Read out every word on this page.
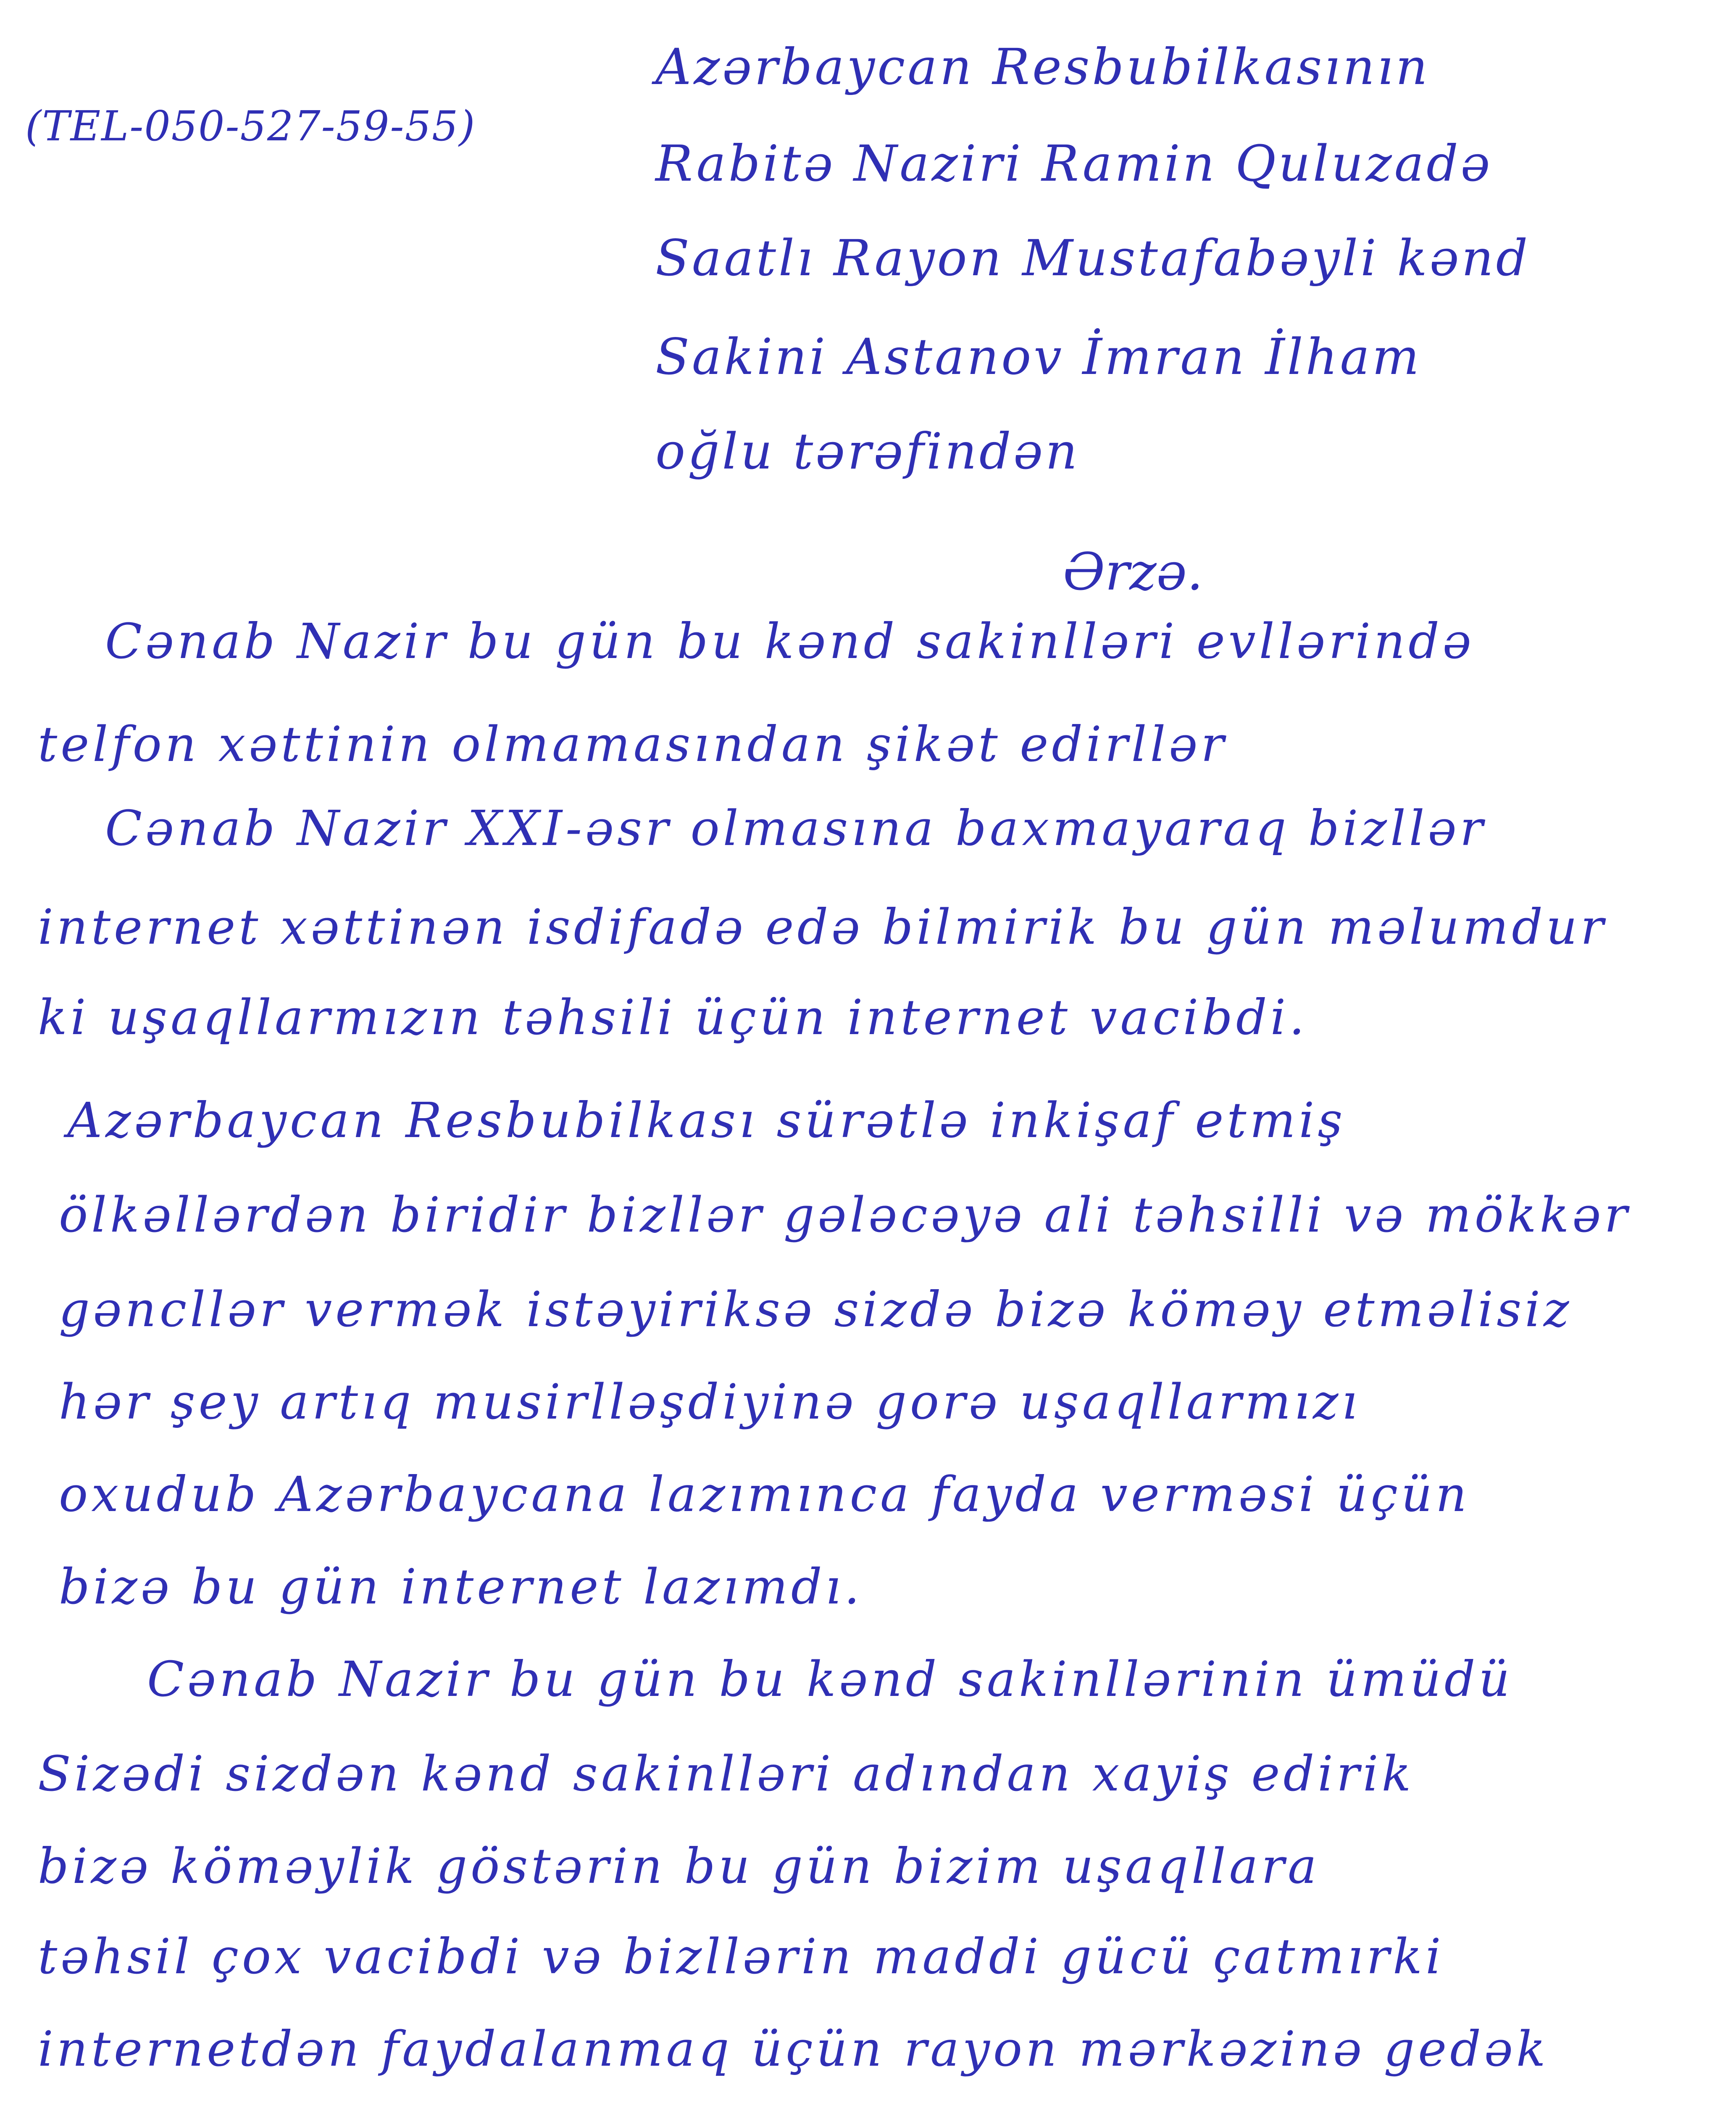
(TEL-050-527-59-55)
Azərbaycan Resbubilkasının
Rabitə Naziri Ramin Quluzadə
Saatlı Rayon Mustafabəyli kənd
Sakini Astanov İmran İlham
oğlu tərəfindən
Ərzə.
Cənab Nazir bu gün bu kənd sakinlləri evllərində
telfon xəttinin olmamasından şikət edirllər
Cənab Nazir XXI-əsr olmasına baxmayaraq bizllər
internet xəttinən isdifadə edə bilmirik bu gün məlumdur
ki uşaqllarmızın təhsili üçün internet vacibdi.
Azərbaycan Resbubilkası sürətlə inkişaf etmiş
ölkəllərdən biridir bizllər gələcəyə ali təhsilli və mökkər
gəncllər vermək istəyiriksə sizdə bizə köməy etməlisiz
hər şey artıq musirlləşdiyinə gorə uşaqllarmızı
oxudub Azərbaycana lazımınca fayda verməsi üçün
bizə bu gün internet lazımdı.
Cənab Nazir bu gün bu kənd sakinllərinin ümüdü
Sizədi sizdən kənd sakinlləri adından xayiş edirik
bizə köməylik göstərin bu gün bizim uşaqllara
təhsil çox vacibdi və bizllərin maddi gücü çatmırki
internetdən faydalanmaq üçün rayon mərkəzinə gedək
